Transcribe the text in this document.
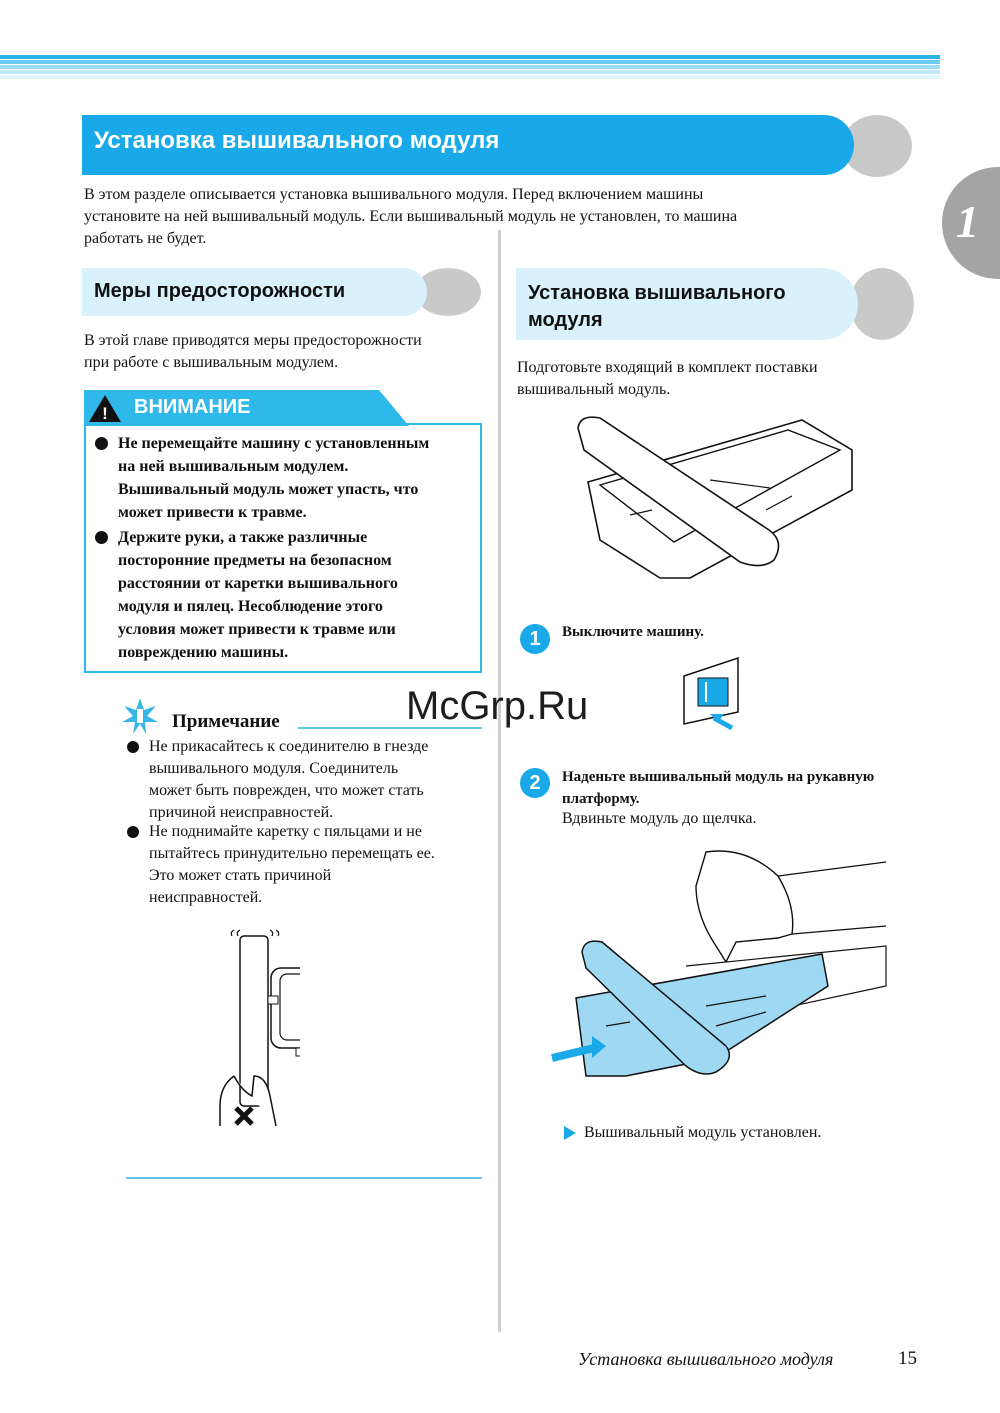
1
Установка вышивального модуля
В этом разделе описывается установка вышивального модуля. Перед включением машины
установите на ней вышивальный модуль. Если вышивальный модуль не установлен, то машина
работать не будет.
Меры предосторожности
В этой главе приводятся меры предосторожности
при работе с вышивальным модулем.
! ВНИМАНИЕ
Не перемещайте машину с установленным
на ней вышивальным модулем.
Вышивальный модуль может упасть, что
может привести к травме.
Держите руки, а также различные
посторонние предметы на безопасном
расстоянии от каретки вышивального
модуля и пялец. Несоблюдение этого
условия может привести к травме или
повреждению машины.
Примечание
Не прикасайтесь к соединителю в гнезде
вышивального модуля. Соединитель
может быть поврежден, что может стать
причиной неисправностей.
Не поднимайте каретку с пяльцами и не
пытайтесь принудительно перемещать ее.
Это может стать причиной
неисправностей.
Установка вышивального
модуля
Подготовьте входящий в комплект поставки
вышивальный модуль.
1	Выключите машину.
2	Наденьте вышивальный модуль на рукавную
платформу.
Вдвиньте модуль до щелчка.
Вышивальный модуль установлен.
McGrp.Ru
Установка вышивального модуля	15
